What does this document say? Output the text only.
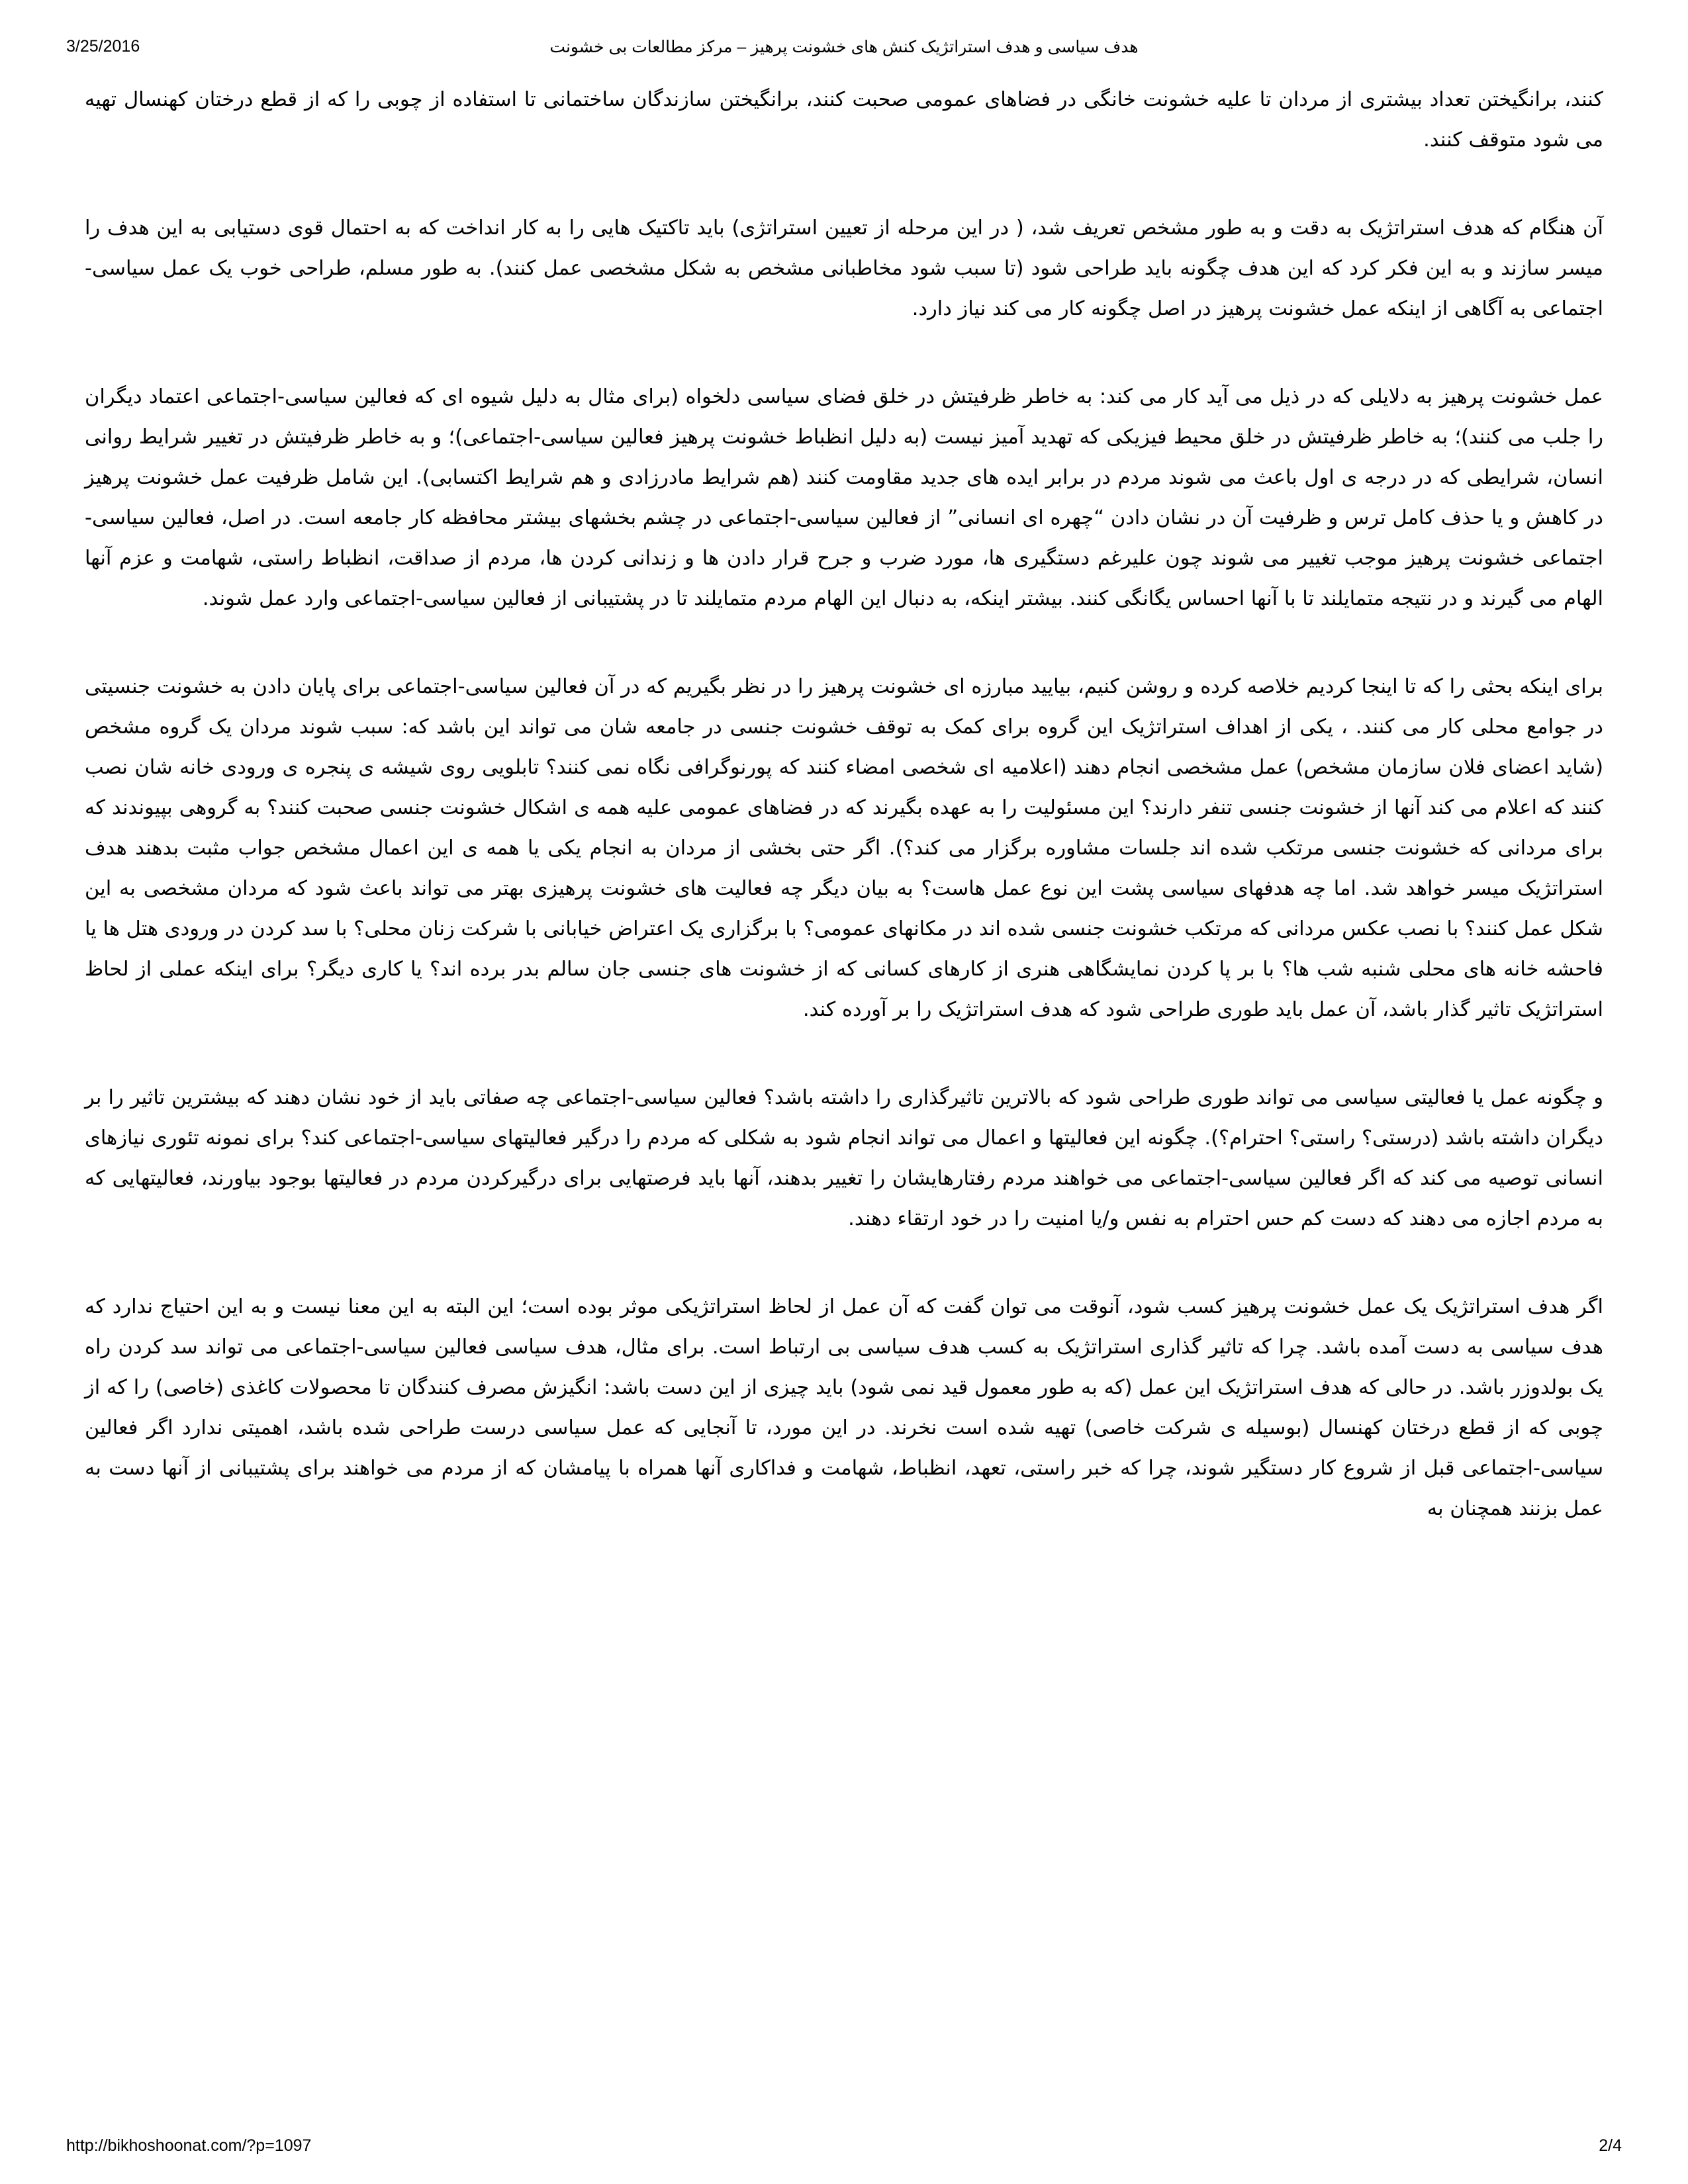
3/25/2016	هدف سیاسی و هدف استراتژیک کنش های خشونت پرهیز – مرکز مطالعات بی خشونت

کنند، برانگیختن تعداد بیشتری از مردان تا علیه خشونت خانگی در فضاهای عمومی صحبت کنند، برانگیختن سازندگان ساختمانی تا استفاده از چوبی را که از قطع درختان کهنسال تهیه می شود متوقف کنند.

آن هنگام که هدف استراتژیک به دقت و به طور مشخص تعریف شد، ( در این مرحله از تعیین استراتژی) باید تاکتیک هایی را به کار انداخت که به احتمال قوی دستیابی به این هدف را میسر سازند و به این فکر کرد که این هدف چگونه باید طراحی شود (تا سبب شود مخاطبانی مشخص به شکل مشخصی عمل کنند). به طور مسلم، طراحی خوب یک عمل سیاسی-اجتماعی به آگاهی از اینکه عمل خشونت پرهیز در اصل چگونه کار می کند نیاز دارد.

عمل خشونت پرهیز به دلایلی که در ذیل می آید کار می کند: به خاطر ظرفیتش در خلق فضای سیاسی دلخواه (برای مثال به دلیل شیوه ای که فعالین سیاسی-اجتماعی اعتماد دیگران را جلب می کنند)؛ به خاطر ظرفیتش در خلق محیط فیزیکی که تهدید آمیز نیست (به دلیل انظباط خشونت پرهیز فعالین سیاسی-اجتماعی)؛ و به خاطر ظرفیتش در تغییر شرایط روانی انسان، شرایطی که در درجه ی اول باعث می شوند مردم در برابر ایده های جدید مقاومت کنند (هم شرایط مادرزادی و هم شرایط اکتسابی). این شامل ظرفیت عمل خشونت پرهیز در کاهش و یا حذف کامل ترس و ظرفیت آن در نشان دادن “چهره ای انسانی” از فعالین سیاسی-اجتماعی در چشم بخشهای بیشتر محافظه کار جامعه است. در اصل، فعالین سیاسی-اجتماعی خشونت پرهیز موجب تغییر می شوند چون علیرغم دستگیری ها، مورد ضرب و جرح قرار دادن ها و زندانی کردن ها، مردم از صداقت، انظباط راستی، شهامت و عزم آنها الهام می گیرند و در نتیجه متمایلند تا با آنها احساس یگانگی کنند. بیشتر اینکه، به دنبال این الهام مردم متمایلند تا در پشتیبانی از فعالین سیاسی-اجتماعی وارد عمل شوند.

برای اینکه بحثی را که تا اینجا کردیم خلاصه کرده و روشن کنیم، بیایید مبارزه ای خشونت پرهیز را در نظر بگیریم که در آن فعالین سیاسی-اجتماعی برای پایان دادن به خشونت جنسیتی در جوامع محلی کار می کنند. ، یکی از اهداف استراتژیک این گروه برای کمک به توقف خشونت جنسی در جامعه شان می تواند این باشد که: سبب شوند مردان یک گروه مشخص (شاید اعضای فلان سازمان مشخص) عمل مشخصی انجام دهند (اعلامیه ای شخصی امضاء کنند که پورنوگرافی نگاه نمی کنند؟ تابلویی روی شیشه ی پنجره ی ورودی خانه شان نصب کنند که اعلام می کند آنها از خشونت جنسی تنفر دارند؟ این مسئولیت را به عهده بگیرند که در فضاهای عمومی علیه همه ی اشکال خشونت جنسی صحبت کنند؟ به گروهی بپیوندند که برای مردانی که خشونت جنسی مرتکب شده اند جلسات مشاوره برگزار می کند؟). اگر حتی بخشی از مردان به انجام یکی یا همه ی این اعمال مشخص جواب مثبت بدهند هدف استراتژیک میسر خواهد شد. اما چه هدفهای سیاسی پشت این نوع عمل هاست؟ به بیان دیگر چه فعالیت های خشونت پرهیزی بهتر می تواند باعث شود که مردان مشخصی به این شکل عمل کنند؟ با نصب عکس مردانی که مرتکب خشونت جنسی شده اند در مکانهای عمومی؟ با برگزاری یک اعتراض خیابانی با شرکت زنان محلی؟ با سد کردن در ورودی هتل ها یا فاحشه خانه های محلی شنبه شب ها؟ با بر پا کردن نمایشگاهی هنری از کارهای کسانی که از خشونت های جنسی جان سالم بدر برده اند؟ یا کاری دیگر؟ برای اینکه عملی از لحاظ استراتژیک تاثیر گذار باشد، آن عمل باید طوری طراحی شود که هدف استراتژیک را بر آورده کند.

و چگونه عمل یا فعالیتی سیاسی می تواند طوری طراحی شود که بالاترین تاثیرگذاری را داشته باشد؟ فعالین سیاسی-اجتماعی چه صفاتی باید از خود نشان دهند که بیشترین تاثیر را بر دیگران داشته باشد (درستی؟ راستی؟ احترام؟). چگونه این فعالیتها و اعمال می تواند انجام شود به شکلی که مردم را درگیر فعالیتهای سیاسی-اجتماعی کند؟ برای نمونه تئوری نیازهای انسانی توصیه می کند که اگر فعالین سیاسی-اجتماعی می خواهند مردم رفتارهایشان را تغییر بدهند، آنها باید فرصتهایی برای درگیرکردن مردم در فعالیتها بوجود بیاورند، فعالیتهایی که به مردم اجازه می دهند که دست کم حس احترام به نفس و/یا امنیت را در خود ارتقاء دهند.

اگر هدف استراتژیک یک عمل خشونت پرهیز کسب شود، آنوقت می توان گفت که آن عمل از لحاظ استراتژیکی موثر بوده است؛ این البته به این معنا نیست و به این احتیاج ندارد که هدف سیاسی به دست آمده باشد. چرا که تاثیر گذاری استراتژیک به کسب هدف سیاسی بی ارتباط است. برای مثال، هدف سیاسی فعالین سیاسی-اجتماعی می تواند سد کردن راه یک بولدوزر باشد. در حالی که هدف استراتژیک این عمل (که به طور معمول قید نمی شود) باید چیزی از این دست باشد: انگیزش مصرف کنندگان تا محصولات کاغذی (خاصی) را که از چوبی که از قطع درختان کهنسال (بوسیله ی شرکت خاصی) تهیه شده است نخرند. در این مورد، تا آنجایی که عمل سیاسی درست طراحی شده باشد، اهمیتی ندارد اگر فعالین سیاسی-اجتماعی قبل از شروع کار دستگیر شوند، چرا که خبر راستی، تعهد، انظباط، شهامت و فداکاری آنها همراه با پیامشان که از مردم می خواهند برای پشتیبانی از آنها دست به عمل بزنند همچنان به

http://bikhoshoonat.com/?p=1097	2/4
